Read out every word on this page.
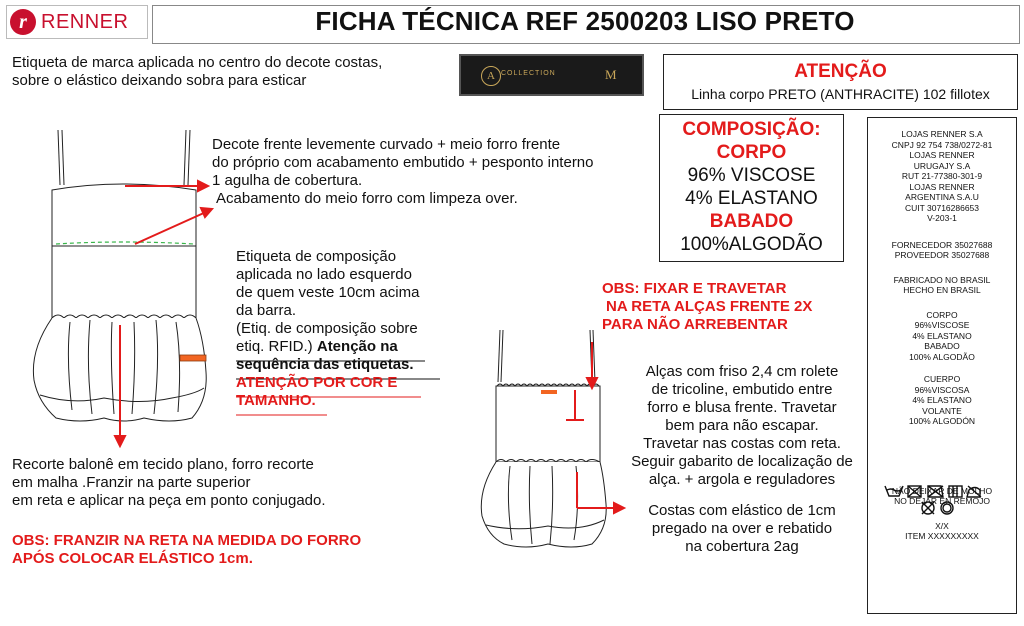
r RENNER	FICHA TÉCNICA REF 2500203 LISO PRETO
Etiqueta de marca aplicada no centro do decote costas,
sobre o elástico deixando sobra para esticar	A COLLECTION	M	ATENÇÃO
Linha corpo PRETO (ANTHRACITE) 102 fillotex
COMPOSIÇÃO:
CORPO
96% VISCOSE
4% ELASTANO
BABADO
100%ALGODÃO
LOJAS RENNER S.A
CNPJ 92 754 738/0272-81
LOJAS RENNER
URUGAJY S.A
RUT 21-77380-301-9
LOJAS RENNER
ARGENTINA S.A.U
CUIT 30716286653
V-203-1
FORNECEDOR 35027688
PROVEEDOR 35027688
FABRICADO NO BRASIL
HECHO EN BRASIL
CORPO
96%VISCOSE
4% ELASTANO
BABADO
100% ALGODÃO
CUERPO
96%VISCOSA
4% ELASTANO
VOLANTE
100% ALGODÓN
NÃO DEIXAR DE MOLHO
NO DEJAR EN REMOJO
X/X
ITEM XXXXXXXXX
Decote frente levemente curvado + meio forro frente
do próprio com acabamento embutido + pesponto interno
1 agulha de cobertura.
Acabamento do meio forro com limpeza over.
Etiqueta de composição
aplicada no lado esquerdo
de quem veste 10cm acima
da barra.
(Etiq. de composição sobre
etiq. RFID.) Atenção na
sequência das etiquetas.
ATENÇÃO POR COR E
TAMANHO.
Recorte balonê em tecido plano, forro recorte
em malha .Franzir na parte superior
em reta e aplicar na peça em ponto conjugado.
OBS: FRANZIR NA RETA NA MEDIDA DO FORRO
APÓS COLOCAR ELÁSTICO 1cm.
OBS: FIXAR E TRAVETAR
NA RETA ALÇAS FRENTE 2X
PARA NÃO ARREBENTAR
Alças com friso 2,4 cm rolete
de tricoline, embutido entre
forro e blusa frente. Travetar
bem para não escapar.
Travetar nas costas com reta.
Seguir gabarito de localização de
alça. + argola e reguladores
Costas com elástico de 1cm
pregado na over e rebatido
na cobertura 2ag
